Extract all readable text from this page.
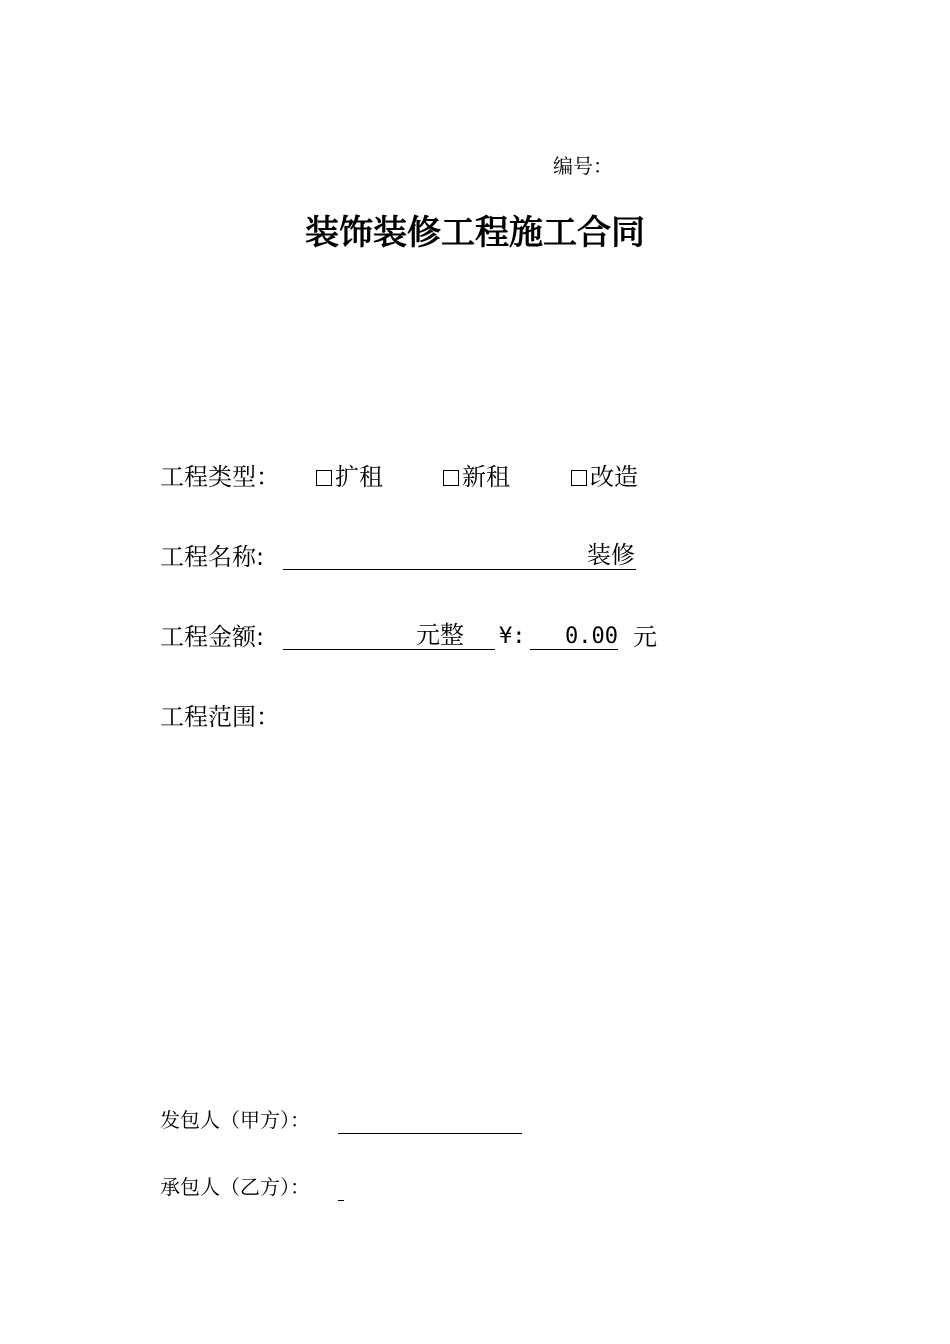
编号：
装饰装修工程施工合同
工程类型：	扩租	新租	改造
工程名称:	装修
工程金额:	元整	¥:	0.00 元
工程范围：
发包人（甲方）：
承包人（乙方）：
